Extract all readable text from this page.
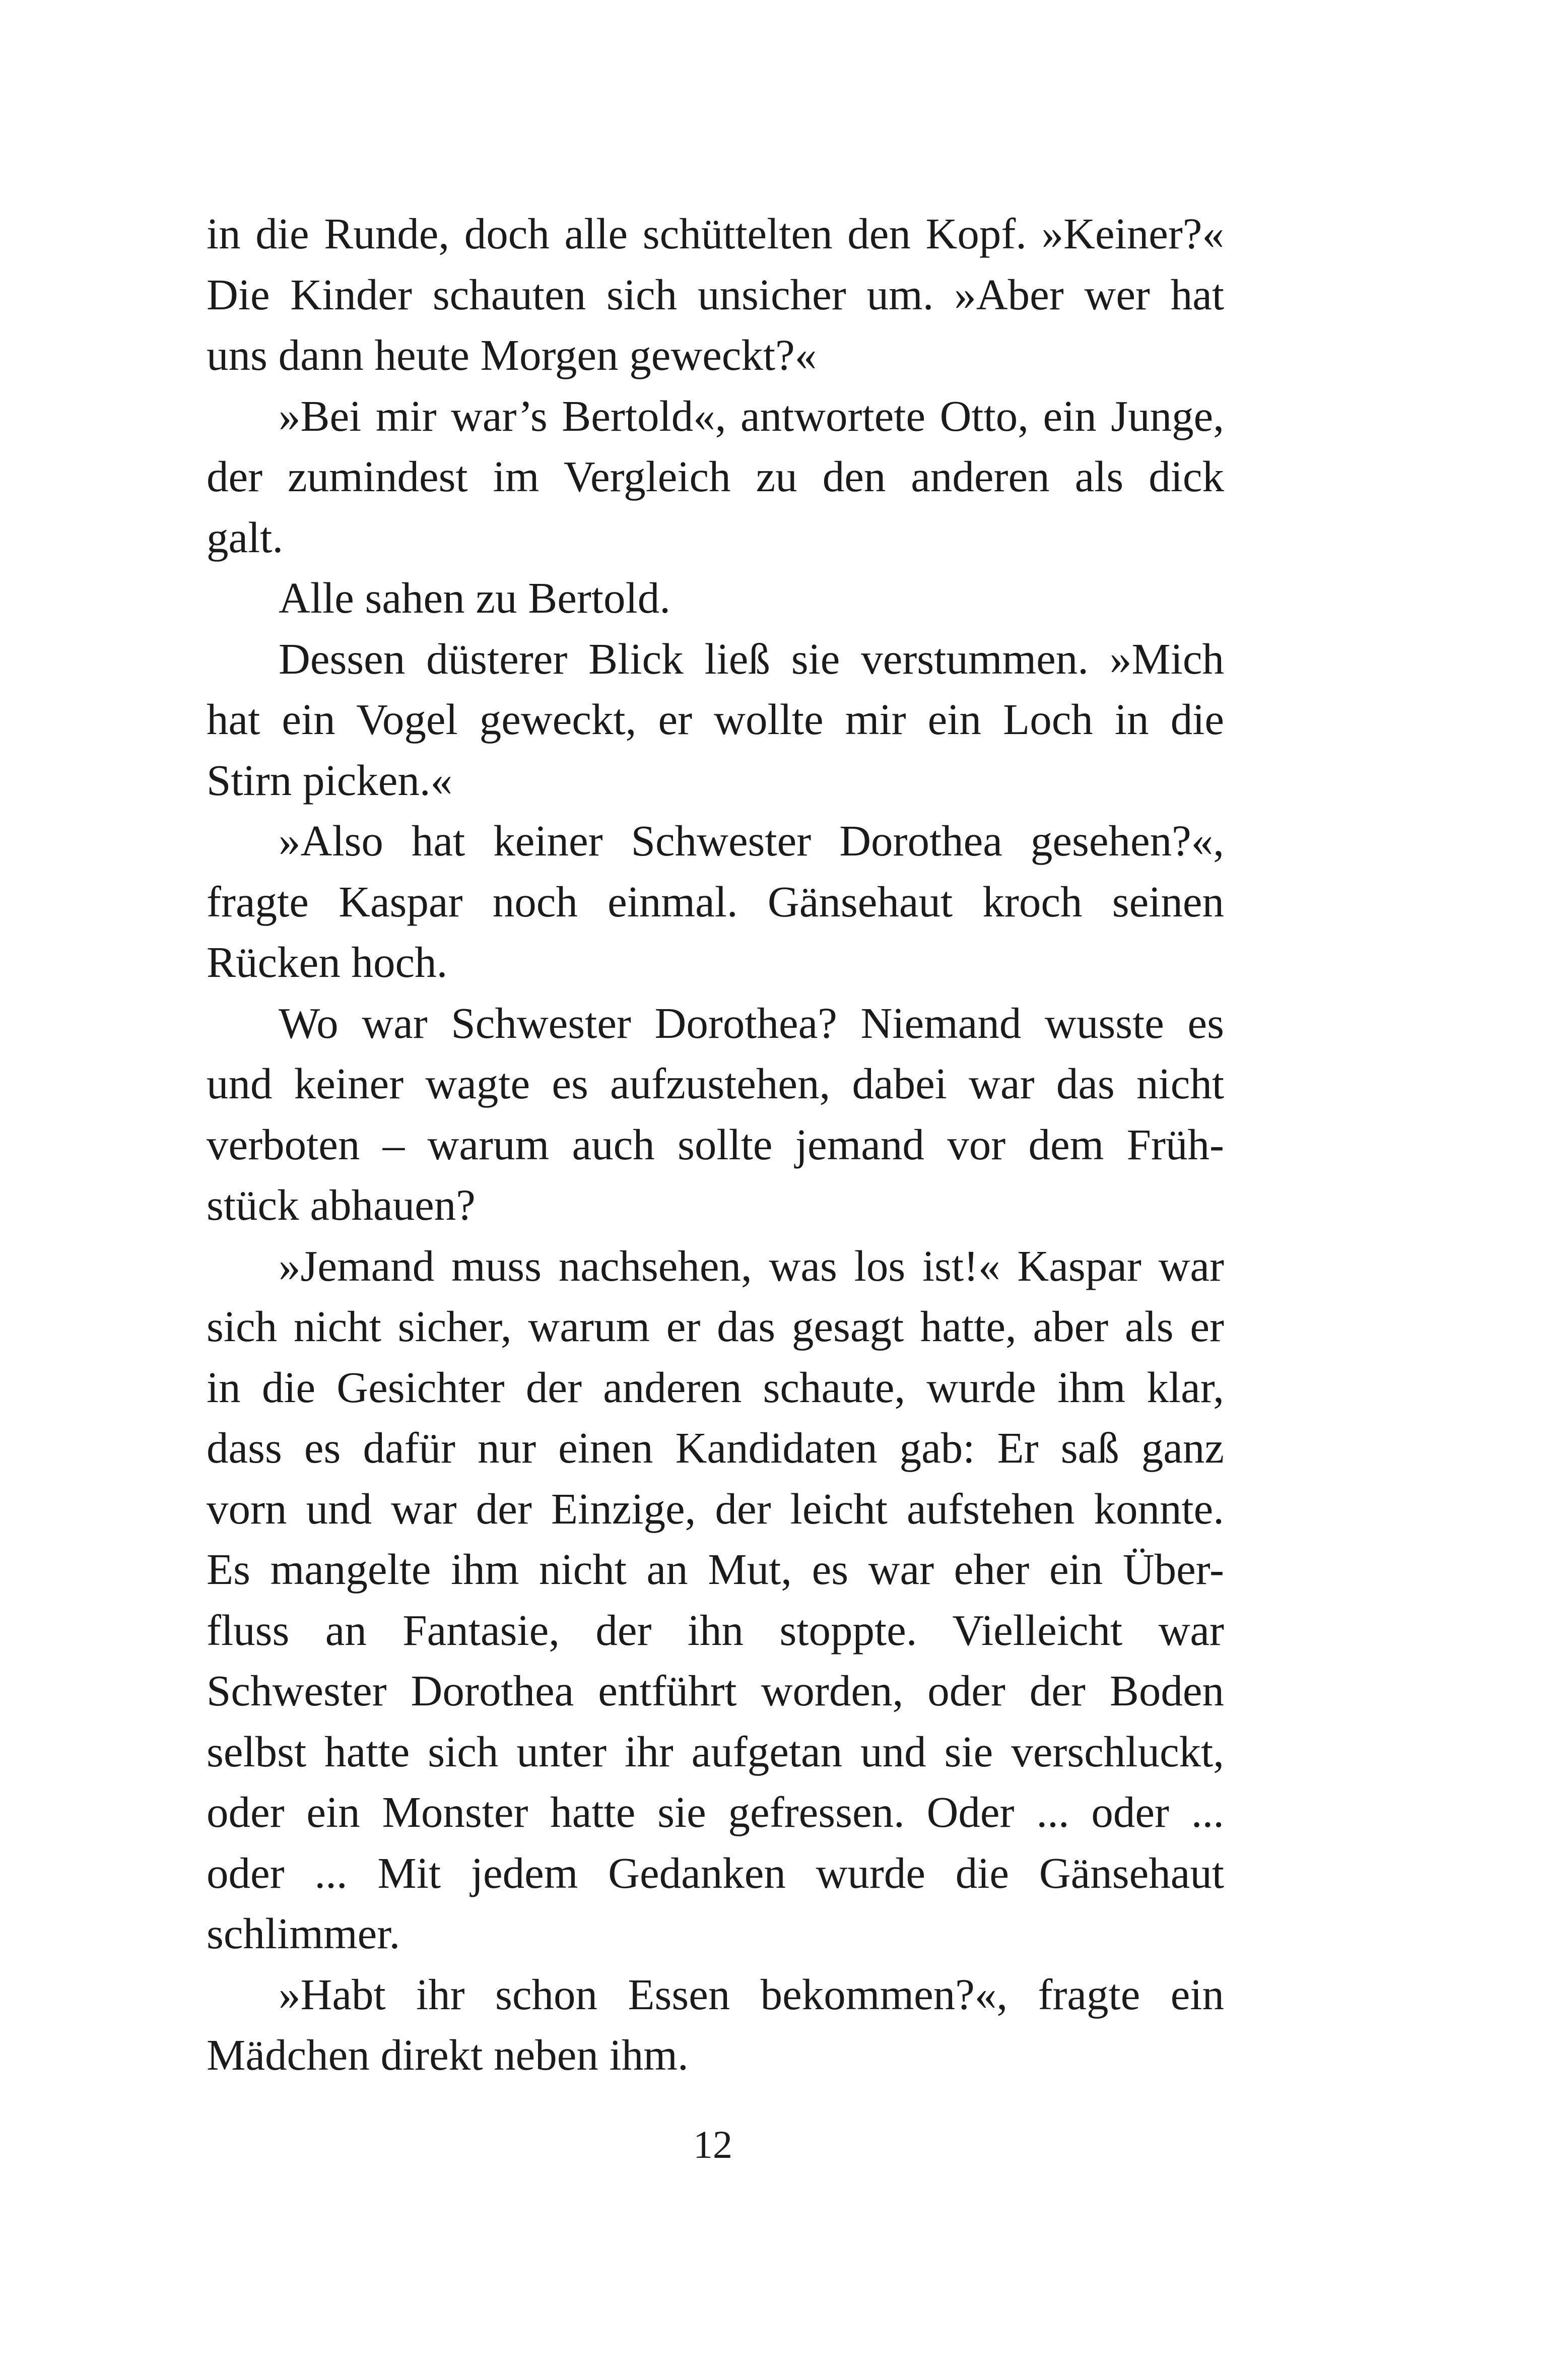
in die Runde, doch alle schüttelten den Kopf. »Keiner?«
Die Kinder schauten sich unsicher um. »Aber wer hat
uns dann heute Morgen geweckt?«
»Bei mir war’s Bertold«, antwortete Otto, ein Junge,
der zumindest im Vergleich zu den anderen als dick
galt.
Alle sahen zu Bertold.
Dessen düsterer Blick ließ sie verstummen. »Mich
hat ein Vogel geweckt, er wollte mir ein Loch in die
Stirn picken.«
»Also hat keiner Schwester Dorothea gesehen?«,
fragte Kaspar noch einmal. Gänsehaut kroch seinen
Rücken hoch.
Wo war Schwester Dorothea? Niemand wusste es
und keiner wagte es aufzustehen, dabei war das nicht
verboten – warum auch sollte jemand vor dem Früh-
stück abhauen?
»Jemand muss nachsehen, was los ist!« Kaspar war
sich nicht sicher, warum er das gesagt hatte, aber als er
in die Gesichter der anderen schaute, wurde ihm klar,
dass es dafür nur einen Kandidaten gab: Er saß ganz
vorn und war der Einzige, der leicht aufstehen konnte.
Es mangelte ihm nicht an Mut, es war eher ein Über-
fluss an Fantasie, der ihn stoppte. Vielleicht war
Schwester Dorothea entführt worden, oder der Boden
selbst hatte sich unter ihr aufgetan und sie verschluckt,
oder ein Monster hatte sie gefressen. Oder ... oder ...
oder ... Mit jedem Gedanken wurde die Gänsehaut
schlimmer.
»Habt ihr schon Essen bekommen?«, fragte ein
Mädchen direkt neben ihm.
12
